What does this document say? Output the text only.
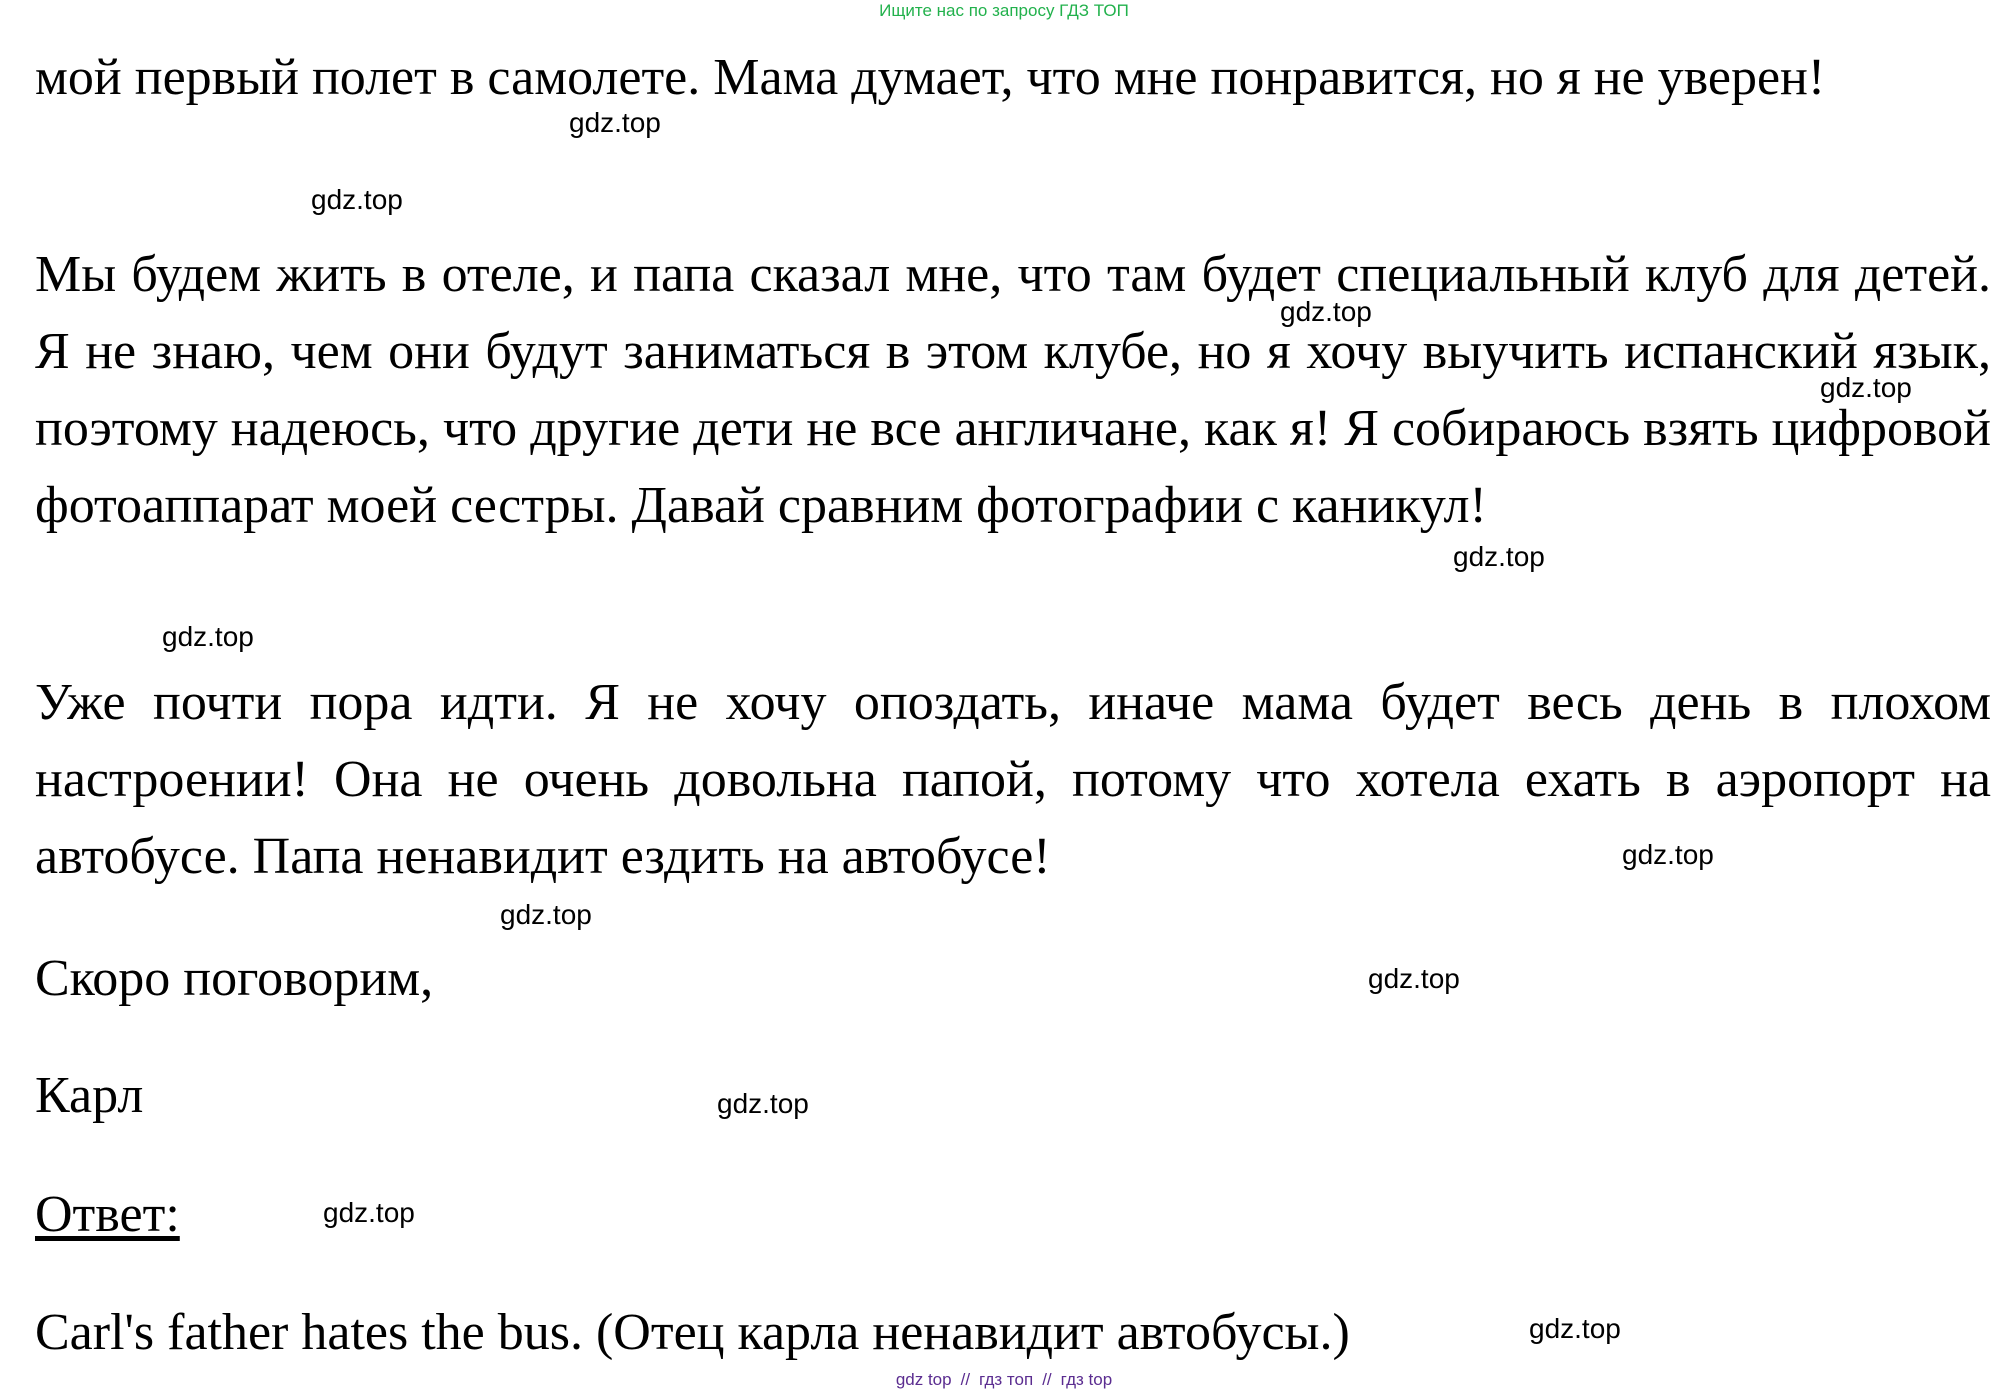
Ищите нас по запросу ГДЗ ТОП

мой первый полет в самолете. Мама думает, что мне понравится, но я не уверен!

Мы будем жить в отеле, и папа сказал мне, что там будет специальный клуб для детей. Я не знаю, чем они будут заниматься в этом клубе, но я хочу выучить испанский язык, поэтому надеюсь, что другие дети не все англичане, как я! Я собираюсь взять цифровой фотоаппарат моей сестры. Давай сравним фотографии с каникул!

Уже почти пора идти. Я не хочу опоздать, иначе мама будет весь день в плохом настроении! Она не очень довольна папой, потому что хотела ехать в аэропорт на автобусе. Папа ненавидит ездить на автобусе!

Скоро поговорим,

Карл

Ответ:

Carl's father hates the bus. (Отец карла ненавидит автобусы.)

gdz.top
gdz.top
gdz.top
gdz.top
gdz.top
gdz.top
gdz.top
gdz.top
gdz.top
gdz.top
gdz.top
gdz.top
gdz top // гдз топ // гдз top
